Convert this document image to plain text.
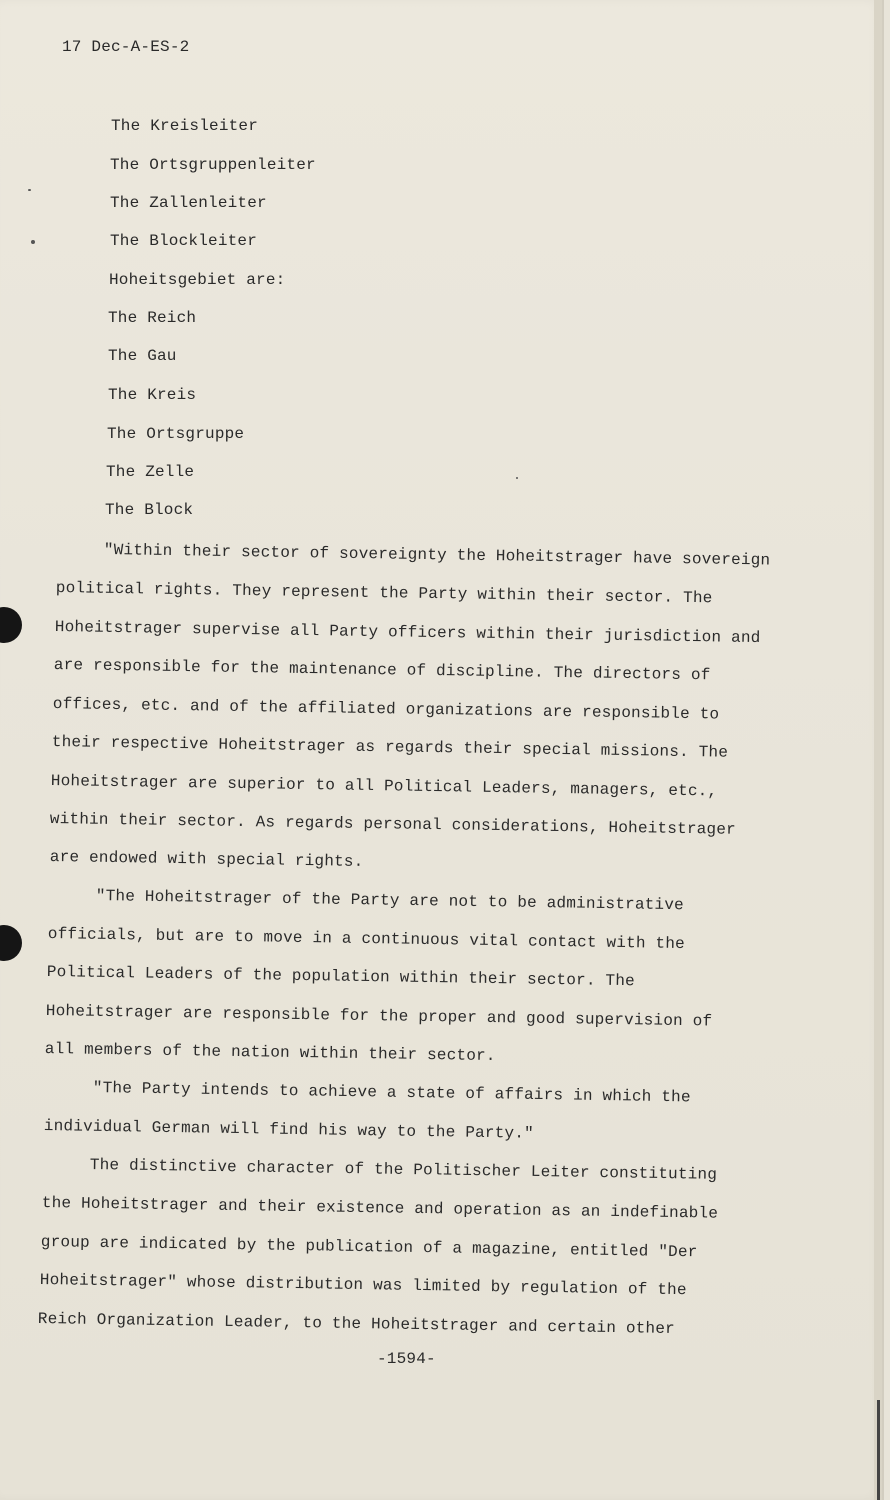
17 Dec-A-ES-2
The Kreisleiter
The Ortsgruppenleiter
The Zallenleiter
The Blockleiter
Hoheitsgebiet are:
The Reich
The Gau
The Kreis
The Ortsgruppe
The Zelle
The Block
"Within their sector of sovereignty the Hoheitstrager have sovereign
political rights. They represent the Party within their sector. The
Hoheitstrager supervise all Party officers within their jurisdiction and
are responsible for the maintenance of discipline. The directors of
offices, etc. and of the affiliated organizations are responsible to
their respective Hoheitstrager as regards their special missions. The
Hoheitstrager are superior to all Political Leaders, managers, etc.,
within their sector. As regards personal considerations, Hoheitstrager
are endowed with special rights.
"The Hoheitstrager of the Party are not to be administrative
officials, but are to move in a continuous vital contact with the
Political Leaders of the population within their sector. The
Hoheitstrager are responsible for the proper and good supervision of
all members of the nation within their sector.
"The Party intends to achieve a state of affairs in which the
individual German will find his way to the Party."
The distinctive character of the Politischer Leiter constituting
the Hoheitstrager and their existence and operation as an indefinable
group are indicated by the publication of a magazine, entitled "Der
Hoheitstrager" whose distribution was limited by regulation of the
Reich Organization Leader, to the Hoheitstrager and certain other
-1594-
